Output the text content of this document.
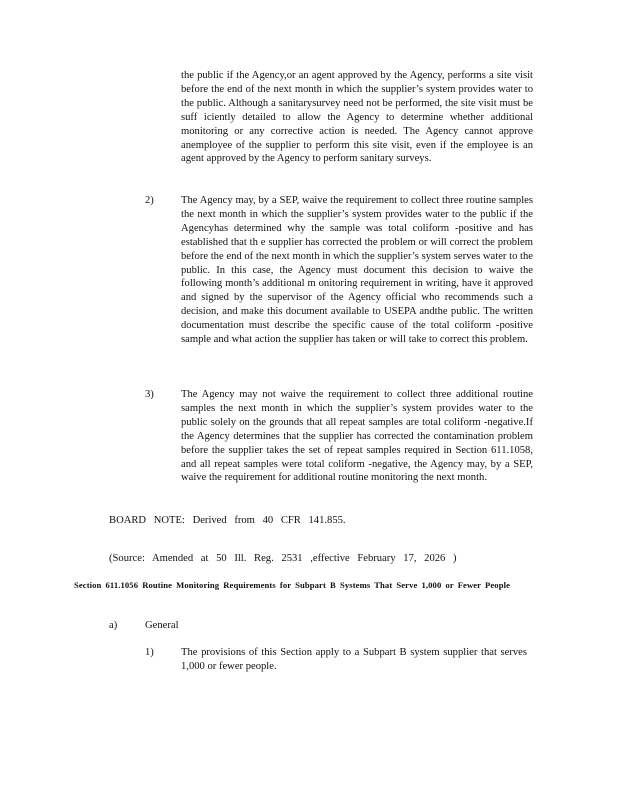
the public if the Agency,or an agent approved by the Agency, performs a site visit before the end of the next month in which the supplier’s system provides water to the public. Although a sanitarysurvey need not be performed, the site visit must be suff iciently detailed to allow the Agency to determine whether additional monitoring or any corrective action is needed. The Agency cannot approve anemployee of the supplier to perform this site visit, even if the employee is an agent approved by the Agency to perform sanitary surveys.

2)	The Agency may, by a SEP, waive the requirement to collect three routine samples the next month in which the supplier’s system provides water to the public if the Agencyhas determined why the sample was total coliform -positive and has established that th e supplier has corrected the problem or will correct the problem before the end of the next month in which the supplier’s system serves water to the public. In this case, the Agency must document this decision to waive the following month’s additional m onitoring requirement in writing, have it approved and signed by the supervisor of the Agency official who recommends such a decision, and make this document available to USEPA andthe public. The written documentation must describe the specific cause of the total coliform -positive sample and what action the supplier has taken or will take to correct this problem.

3)	The Agency may not waive the requirement to collect three additional routine samples the next month in which the supplier’s system provides water to the public solely on the grounds that all repeat samples are total coliform -negative.If the Agency determines that the supplier has corrected the contamination problem before the supplier takes the set of repeat samples required in Section 611.1058, and all repeat samples were total coliform -negative, the Agency may, by a SEP, waive the requirement for additional routine monitoring the next month.

BOARD NOTE: Derived from 40 CFR 141.855.

(Source: Amended at 50 Ill. Reg. 2531 ,effective February 17, 2026 )

Section 611.1056 Routine Monitoring Requirements for Subpart B Systems That Serve 1,000 or Fewer People

a)	General

1)	The provisions of this Section apply to a Subpart B system supplier that serves 1,000 or fewer people.
